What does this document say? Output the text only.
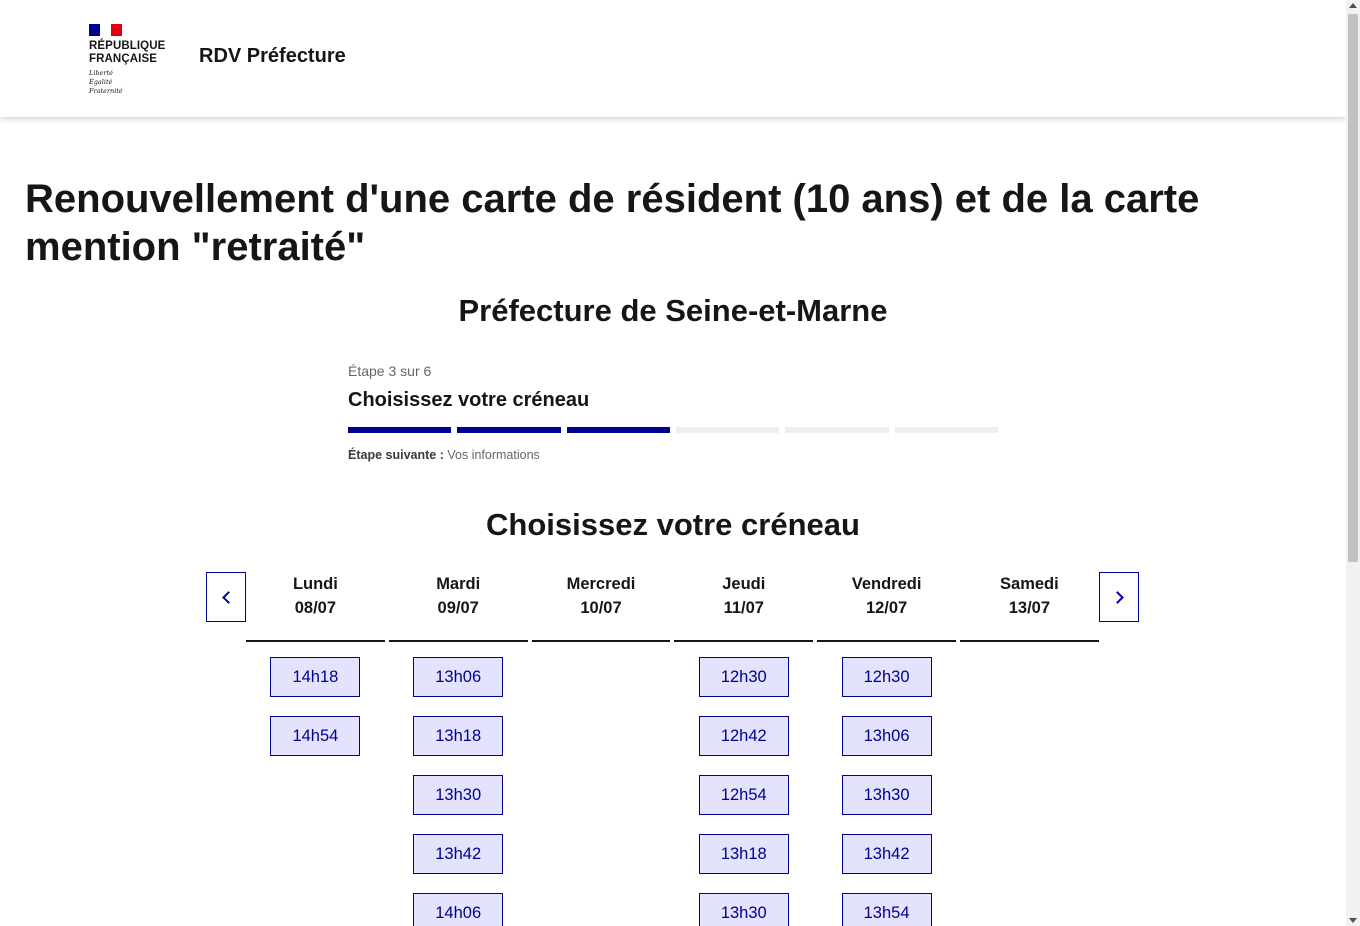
RÉPUBLIQUE
FRANÇAISE
Liberté
Égalité
Fraternité
RDV Préfecture
Renouvellement d'une carte de résident (10 ans) et de la carte mention "retraité"
Préfecture de Seine-et-Marne
Étape 3 sur 6
Choisissez votre créneau
Étape suivante : Vos informations
Choisissez votre créneau
Lundi
08/07
14h18
14h54
Mardi
09/07
13h06
13h18
13h30
13h42
14h06
Mercredi
10/07
Jeudi
11/07
12h30
12h42
12h54
13h18
13h30
Vendredi
12/07
12h30
13h06
13h30
13h42
13h54
Samedi
13/07
